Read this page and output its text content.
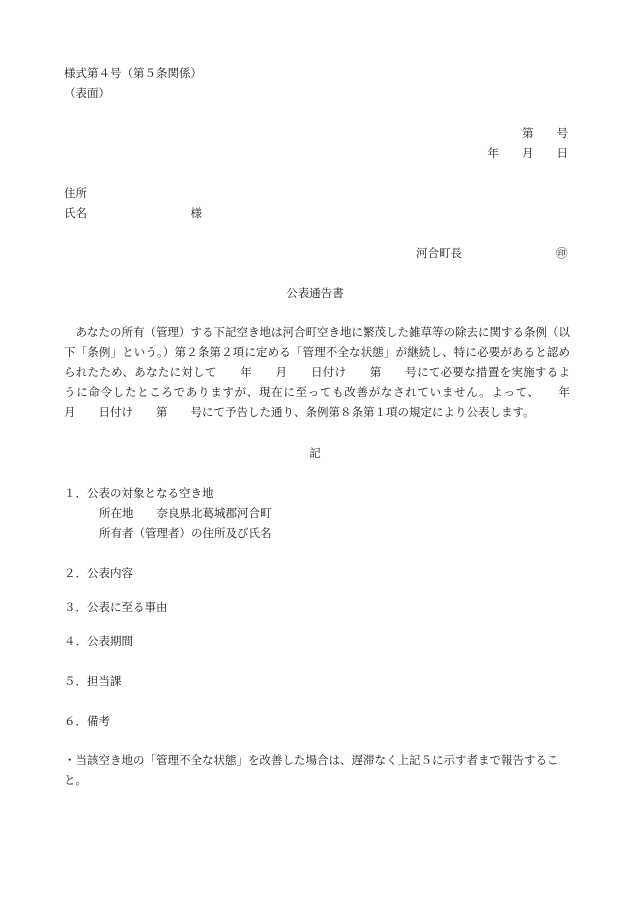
様式第４号（第５条関係）
（表面）
第　　号
年　　月　　日
住所
氏名　　　　　　　　　様
河合町長	㊞
公表通告書
　あなたの所有（管理）する下記空き地は河合町空き地に繁茂した雑草等の除去に関する条例（以
下「条例」という。）第２条第２項に定める「管理不全な状態」が継続し、特に必要があると認め
られたため、あなたに対して　　年　　月　　日付け　　第　　号にて必要な措置を実施するよ
うに命令したところでありますが、現在に至っても改善がなされていません。よって、　　年
月　　日付け　　第　　号にて予告した通り、条例第８条第１項の規定により公表します。
記
１．公表の対象となる空き地
所在地　　奈良県北葛城郡河合町
所有者（管理者）の住所及び氏名
２．公表内容
３．公表に至る事由
４．公表期間
５．担当課
６．備考
・当該空き地の「管理不全な状態」を改善した場合は、遅滞なく上記５に示す者まで報告するこ
と。
